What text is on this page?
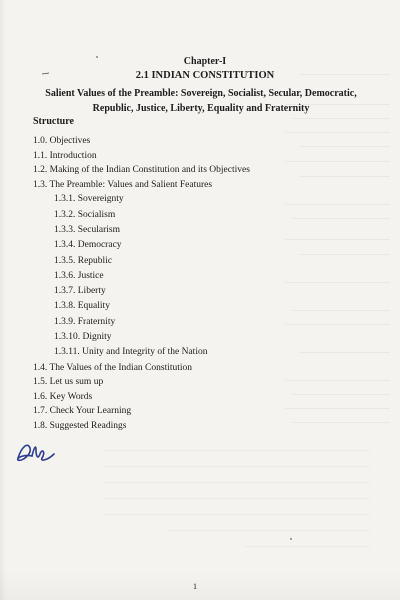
—————————————
———————————————
——————————————
———————————————
—————————————
———————————————
—————————————
———————————————
——————————————
———————————————
—————————————
———————————————
——————————————
———————————————
—————————————
———————————————
——————————————
———————————————
——————————————
——————————————————————————————————————
——————————————————————————————————————
——————————————————————————————————————
——————————————————————————————————————
——————————————————————————————————————
—————————————————————————————
——————————————————
Chapter-I
2.1 INDIAN CONSTITUTION
Salient Values of the Preamble: Sovereign, Socialist, Secular, Democratic, Republic, Justice, Liberty, Equality and Fraternity
Structure
1.0. Objectives
1.1. Introduction
1.2. Making of the Indian Constitution and its Objectives
1.3. The Preamble: Values and Salient Features
1.3.1. Sovereignty
1.3.2. Socialism
1.3.3. Secularism
1.3.4. Democracy
1.3.5. Republic
1.3.6. Justice
1.3.7. Liberty
1.3.8. Equality
1.3.9. Fraternity
1.3.10. Dignity
1.3.11. Unity and Integrity of the Nation
1.4. The Values of the Indian Constitution
1.5. Let us sum up
1.6. Key Words
1.7. Check Your Learning
1.8. Suggested Readings
1
